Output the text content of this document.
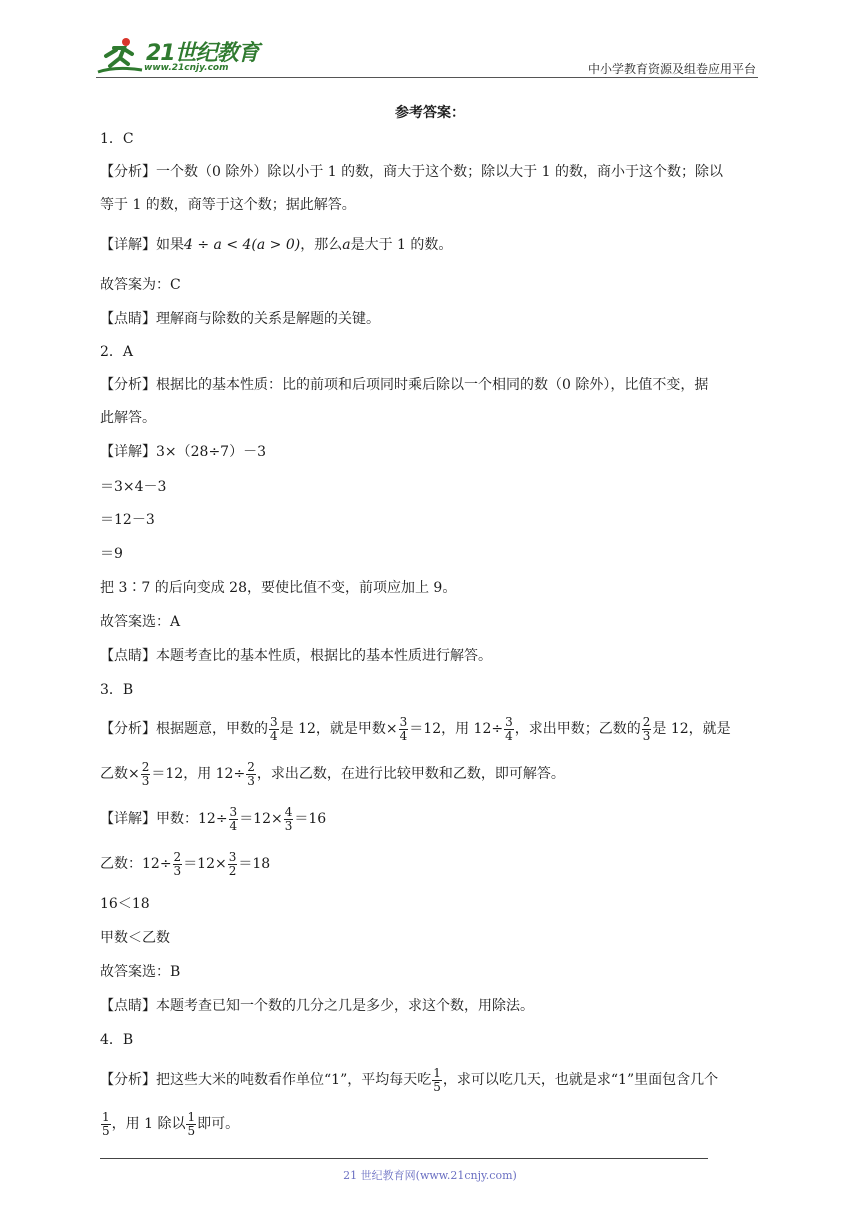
21世纪教育
www.21cnjy.com	中小学教育资源及组卷应用平台
参考答案：
1．C
【分析】一个数（0 除外）除以小于 1 的数，商大于这个数；除以大于 1 的数，商小于这个数；除以
等于 1 的数，商等于这个数；据此解答。
【详解】如果4 ÷ a < 4(a > 0)，那么a是大于 1 的数。
故答案为：C
【点睛】理解商与除数的关系是解题的关键。
2．A
【分析】根据比的基本性质：比的前项和后项同时乘后除以一个相同的数（0 除外），比值不变，据
此解答。
【详解】3×（28÷7）－3
＝3×4－3
＝12－3
＝9
把 3∶7 的后向变成 28，要使比值不变，前项应加上 9。
故答案选：A
【点睛】本题考查比的基本性质，根据比的基本性质进行解答。
3．B
【分析】根据题意，甲数的 $\frac{3}{4}$ 是 12，就是甲数× $\frac{3}{4} =12$，用 $12\div \frac{3}{4}$ ，求出甲数；乙数的 $\frac{2}{3}$ 是 12，就是
乙数× $\frac{2}{3} =12$，用 $12\div \frac{2}{3}$ ，求出乙数，在进行比较甲数和乙数，即可解答。
【详解】甲数：$12\div \frac{3}{4} =12\times \frac{4}{3} =16$
乙数：$12\div \frac{2}{3} =12\times \frac{3}{2} =18$
16＜18
甲数＜乙数
故答案选：B
【点睛】本题考查已知一个数的几分之几是多少，求这个数，用除法。
4．B
【分析】把这些大米的吨数看作单位“1”，平均每天吃 $\frac{1}{5}$ ，求可以吃几天，也就是求“1”里面包含几个
$\frac{1}{5}$ ，用 1 除以 $\frac{1}{5}$ 即可。
21 世纪教育网(www.21cnjy.com)
